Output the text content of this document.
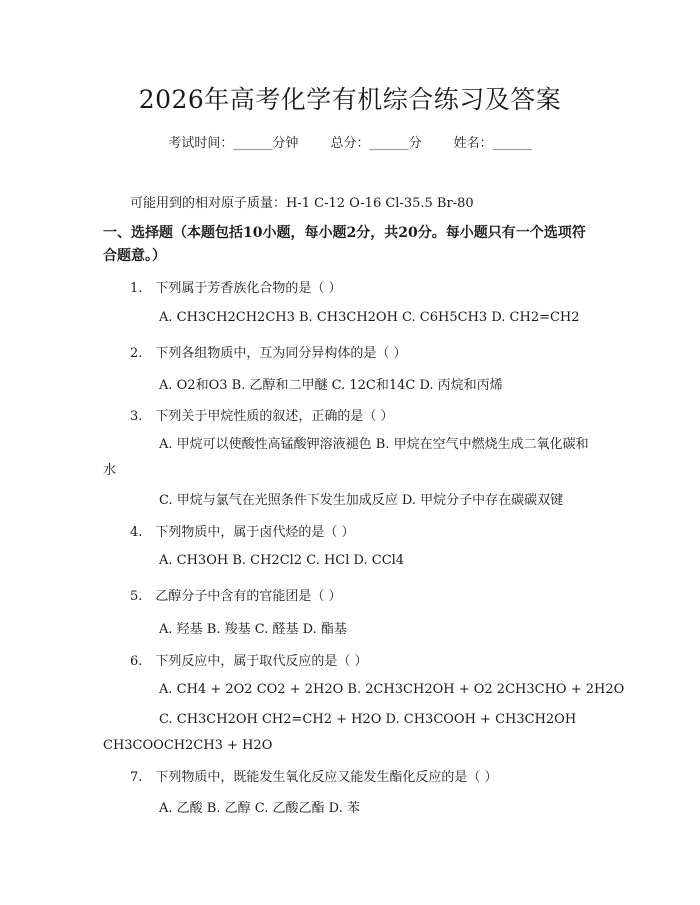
2026年高考化学有机综合练习及答案
考试时间：______分钟 总分：______分 姓名：______
可能用到的相对原子质量：H-1 C-12 O-16 Cl-35.5 Br-80
一、选择题（本题包括10小题，每小题2分，共20分。每小题只有一个选项符合题意。）
1.　下列属于芳香族化合物的是（ ）
A. CH3CH2CH2CH3 B. CH3CH2OH C. C6H5CH3 D. CH2=CH2
2.　下列各组物质中，互为同分异构体的是（ ）
A. O2和O3 B. 乙醇和二甲醚 C. 12C和14C D. 丙烷和丙烯
3.　下列关于甲烷性质的叙述，正确的是（ ）
A. 甲烷可以使酸性高锰酸钾溶液褪色 B. 甲烷在空气中燃烧生成二氧化碳和水
C. 甲烷与氯气在光照条件下发生加成反应 D. 甲烷分子中存在碳碳双键
4.　下列物质中，属于卤代烃的是（ ）
A. CH3OH B. CH2Cl2 C. HCl D. CCl4
5.　乙醇分子中含有的官能团是（ ）
A. 羟基 B. 羧基 C. 醛基 D. 酯基
6.　下列反应中，属于取代反应的是（ ）
A. CH4 + 2O2 CO2 + 2H2O B. 2CH3CH2OH + O2 2CH3CHO + 2H2O
C. CH3CH2OH CH2=CH2 + H2O D. CH3COOH + CH3CH2OH CH3COOCH2CH3 + H2O
7.　下列物质中，既能发生氧化反应又能发生酯化反应的是（ ）
A. 乙酸 B. 乙醇 C. 乙酸乙酯 D. 苯
